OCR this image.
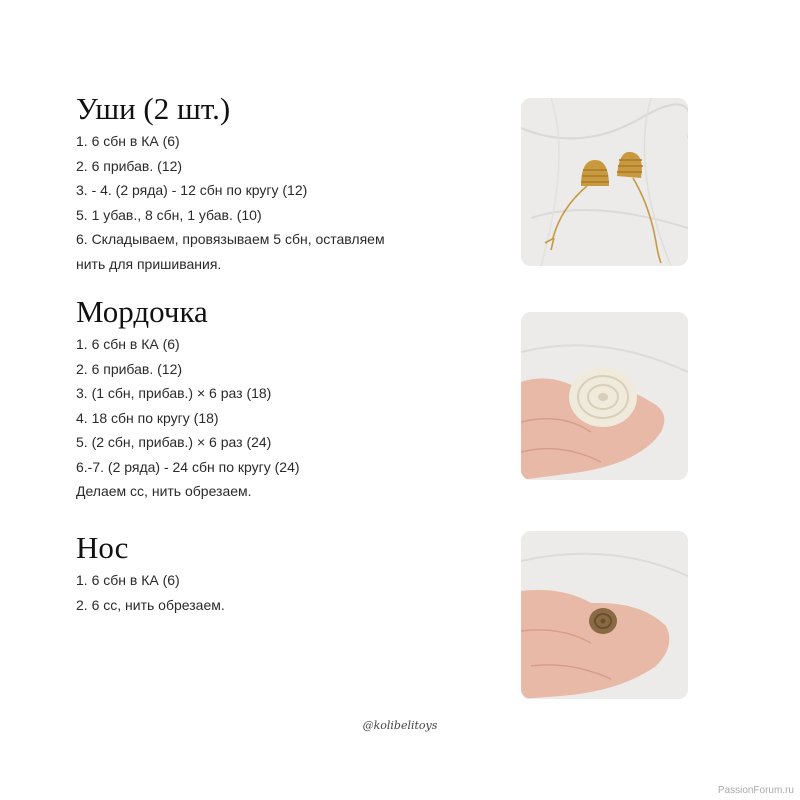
Уши (2 шт.)
1. 6 сбн в КА (6)
2. 6 прибав. (12)
3. - 4. (2 ряда) - 12 сбн по кругу (12)
5. 1 убав., 8 сбн, 1 убав. (10)
6. Складываем, провязываем 5 сбн, оставляем
нить для пришивания.
Мордочка
1. 6 сбн в КА (6)
2. 6 прибав. (12)
3. (1 сбн, прибав.) × 6 раз (18)
4. 18 сбн по кругу (18)
5. (2 сбн, прибав.) × 6 раз (24)
6.-7. (2 ряда) - 24 сбн по кругу (24)
Делаем сс, нить обрезаем.
Нос
1. 6 сбн в КА (6)
2. 6 сс, нить обрезаем.
@kolibelitoys
PassionForum.ru
